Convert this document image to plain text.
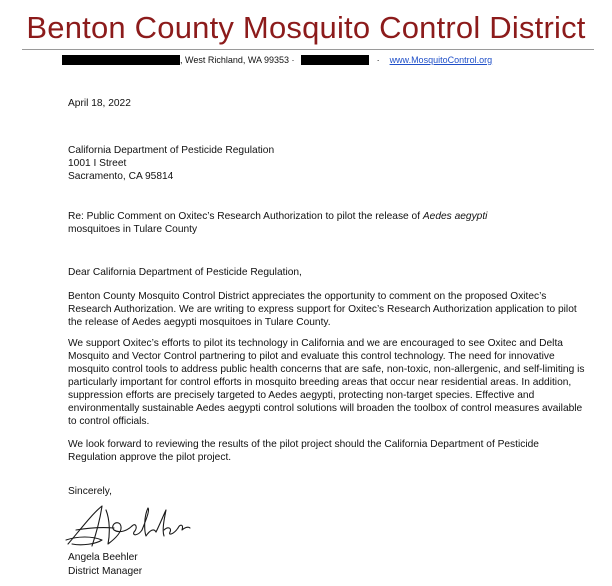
Benton County Mosquito Control District
, West Richland, WA 99353 ·	· www.MosquitoControl.org
April 18, 2022

California Department of Pesticide Regulation

1001 I Street

Sacramento, CA 95814

Re: Public Comment on Oxitec’s Research Authorization to pilot the release of Aedes aegypti

mosquitoes in Tulare County

Dear California Department of Pesticide Regulation,
Benton County Mosquito Control District appreciates the opportunity to comment on the proposed Oxitec’s Research Authorization. We are writing to express support for Oxitec’s Research Authorization application to pilot the release of Aedes aegypti mosquitoes in Tulare County.
We support Oxitec’s efforts to pilot its technology in California and we are encouraged to see Oxitec and Delta Mosquito and Vector Control partnering to pilot and evaluate this control technology. The need for innovative mosquito control tools to address public health concerns that are safe, non-toxic, non-allergenic, and self-limiting is particularly important for control efforts in mosquito breeding areas that occur near residential areas. In addition, suppression efforts are precisely targeted to Aedes aegypti, protecting non-target species. Effective and environmentally sustainable Aedes aegypti control solutions will broaden the toolbox of control measures available to control officials.
We look forward to reviewing the results of the pilot project should the California Department of Pesticide Regulation approve the pilot project.
Sincerely,
Angela Beehler
District Manager
